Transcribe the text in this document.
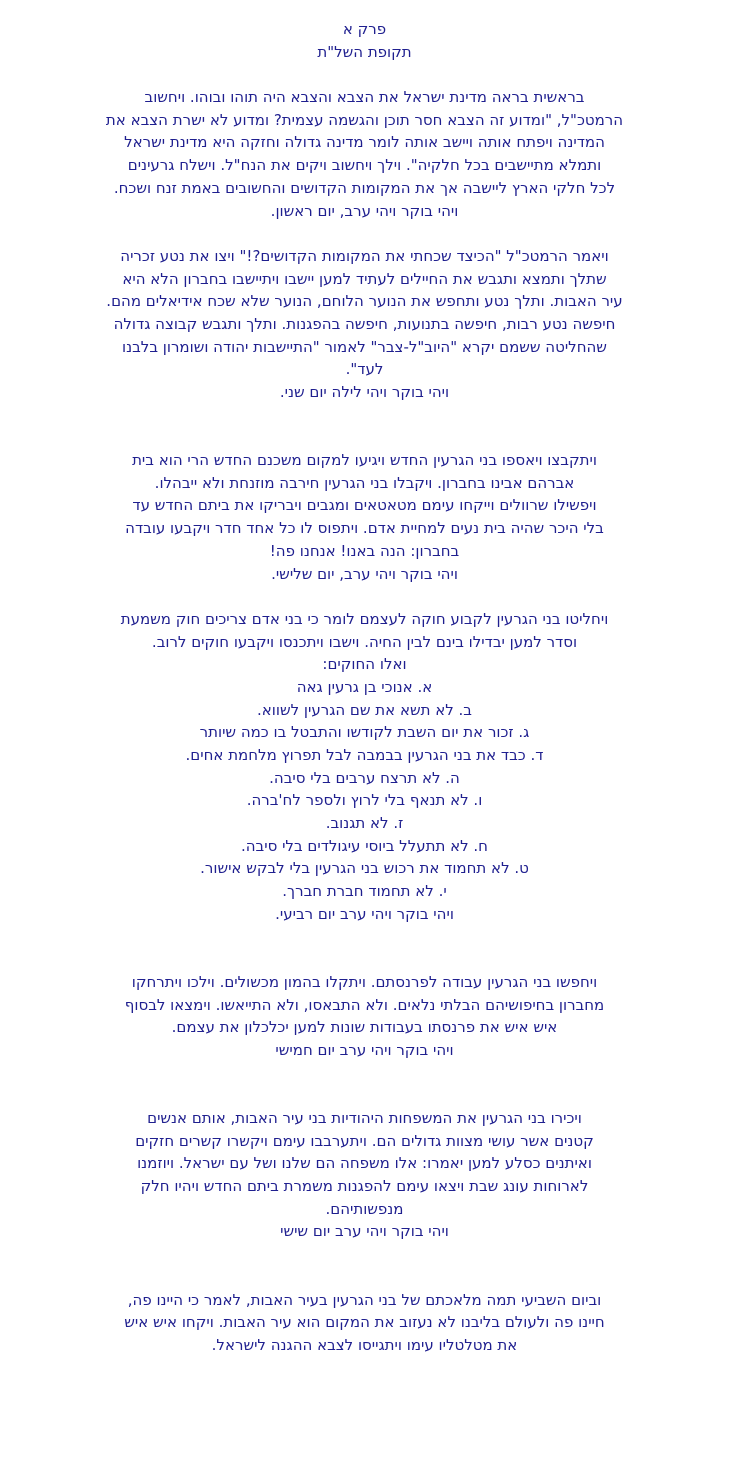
פרק א
תקופת השל"ת
בראשית בראה מדינת ישראל את הצבא והצבא היה תוהו ובוהו. ויחשוב
הרמטכ"ל, "ומדוע זה הצבא חסר תוכן והגשמה עצמית? ומדוע לא ישרת הצבא את
המדינה ויפתח אותה ויישב אותה לומר מדינה גדולה וחזקה היא מדינת ישראל
ותמלא מתיישבים בכל חלקיה". וילך ויחשוב ויקים את הנח"ל. וישלח גרעינים
לכל חלקי הארץ ליישבה אך את המקומות הקדושים והחשובים באמת זנח ושכח.
ויהי בוקר ויהי ערב, יום ראשון.
ויאמר הרמטכ"ל "הכיצד שכחתי את המקומות הקדושים?!" ויצו את נטע זכריה
שתלך ותמצא ותגבש את החיילים לעתיד למען יישבו ויתיישבו בחברון הלא היא
עיר האבות. ותלך נטע ותחפש את הנוער הלוחם, הנוער שלא שכח אידיאלים מהם.
חיפשה נטע רבות, חיפשה בתנועות, חיפשה בהפגנות. ותלך ותגבש קבוצה גדולה
שהחליטה ששמם יקרא "היוב"ל-צבר" לאמור "התיישבות יהודה ושומרון בלבנו
לעד".
ויהי בוקר ויהי לילה יום שני.
ויתקבצו ויאספו בני הגרעין החדש ויגיעו למקום משכנם החדש הרי הוא בית
אברהם אבינו בחברון. ויקבלו בני הגרעין חירבה מוזנחת ולא ייבהלו.
ויפשילו שרוולים וייקחו עימם מטאטאים ומגבים ויבריקו את ביתם החדש עד
בלי היכר שהיה בית נעים למחיית אדם. ויתפוס לו כל אחד חדר ויקבעו עובדה
בחברון: הנה באנו! אנחנו פה!
ויהי בוקר ויהי ערב, יום שלישי.
ויחליטו בני הגרעין לקבוע חוקה לעצמם לומר כי בני אדם צריכים חוק משמעת
וסדר למען יבדילו בינם לבין החיה. וישבו ויתכנסו ויקבעו חוקים לרוב.
ואלו החוקים:
א. אנוכי בן גרעין גאה
ב. לא תשא את שם הגרעין לשווא.
ג. זכור את יום השבת לקודשו והתבטל בו כמה שיותר
ד. כבד את בני הגרעין בבמבה לבל תפרוץ מלחמת אחים.
ה. לא תרצח ערבים בלי סיבה.
ו. לא תנאף בלי לרוץ ולספר לח'ברה.
ז. לא תגנוב.
ח. לא תתעלל ביוסי עיגולדים בלי סיבה.
ט. לא תחמוד את רכוש בני הגרעין בלי לבקש אישור.
י. לא תחמוד חברת חברך.
ויהי בוקר ויהי ערב יום רביעי.
ויחפשו בני הגרעין עבודה לפרנסתם. ויתקלו בהמון מכשולים. וילכו ויתרחקו
מחברון בחיפושיהם הבלתי נלאים. ולא התבאסו, ולא התייאשו. וימצאו לבסוף
איש איש את פרנסתו בעבודות שונות למען יכלכלון את עצמם.
ויהי בוקר ויהי ערב יום חמישי
ויכירו בני הגרעין את המשפחות היהודיות בני עיר האבות, אותם אנשים
קטנים אשר עושי מצוות גדולים הם. ויתערבבו עימם ויקשרו קשרים חזקים
ואיתנים כסלע למען יאמרו: אלו משפחה הם שלנו ושל עם ישראל. ויוזמנו
לארוחות עונג שבת ויצאו עימם להפגנות משמרת ביתם החדש ויהיו חלק
מנפשותיהם.
ויהי בוקר ויהי ערב יום שישי
וביום השביעי תמה מלאכתם של בני הגרעין בעיר האבות, לאמר כי היינו פה,
חיינו פה ולעולם בליבנו לא נעזוב את המקום הוא עיר האבות. ויקחו איש איש
את מטלטליו עימו ויתגייסו לצבא ההגנה לישראל.
